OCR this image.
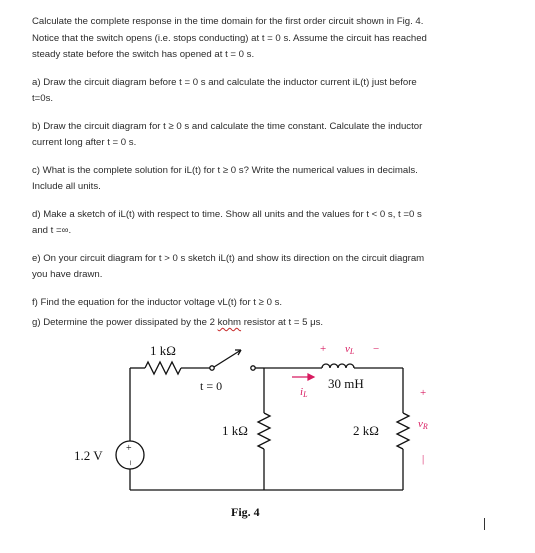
Calculate the complete response in the time domain for the first order circuit shown in Fig. 4.
Notice that the switch opens (i.e. stops conducting) at t = 0 s. Assume the circuit has reached
steady state before the switch has opened at t = 0 s.

a) Draw the circuit diagram before t = 0 s and calculate the inductor current iL(t) just before
t=0s.

b) Draw the circuit diagram for t ≥ 0 s and calculate the time constant. Calculate the inductor
current long after t = 0 s.

c) What is the complete solution for iL(t) for t ≥ 0 s? Write the numerical values in decimals.
Include all units.

d) Make a sketch of iL(t) with respect to time. Show all units and the values for t < 0 s, t =0 s
and t =∞.

e) On your circuit diagram for t > 0 s sketch iL(t) and show its direction on the circuit diagram
you have drawn.

f) Find the equation for the inductor voltage vL(t) for t ≥ 0 s.

g) Determine the power dissipated by the 2 kohm resistor at t = 5 μs.

1 kΩ
t = 0
1.2 V +
−
1 kΩ
iL
+ vL −
30 mH
2 kΩ
+
vR
|
Fig. 4
